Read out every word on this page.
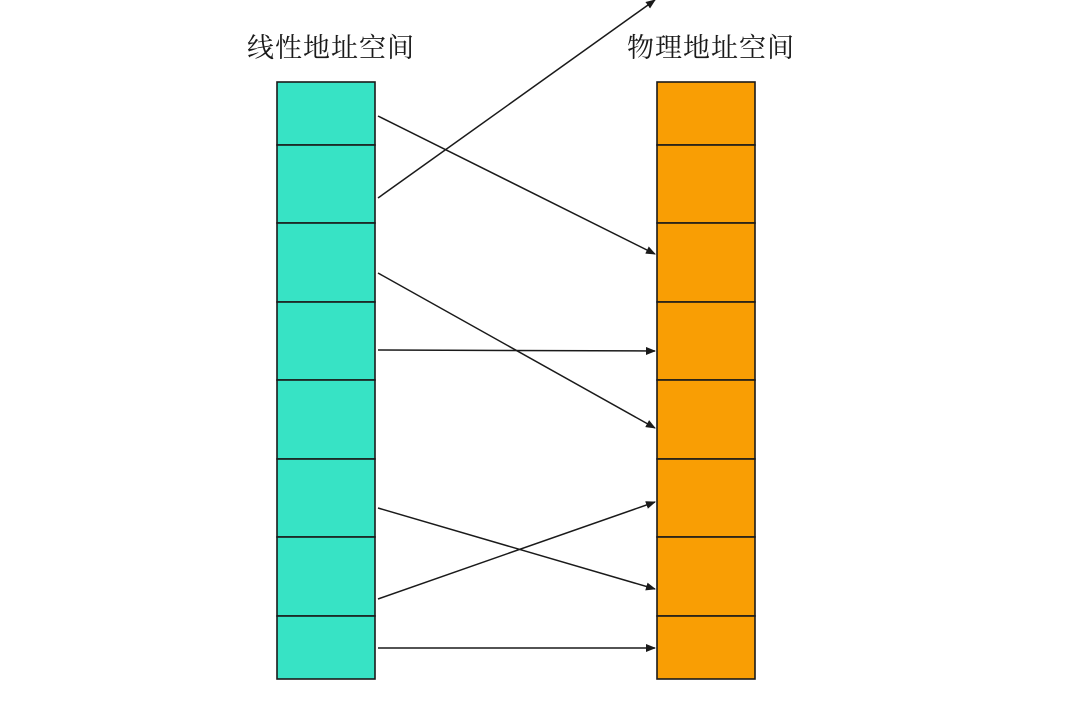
线性地址空间	物理地址空间
